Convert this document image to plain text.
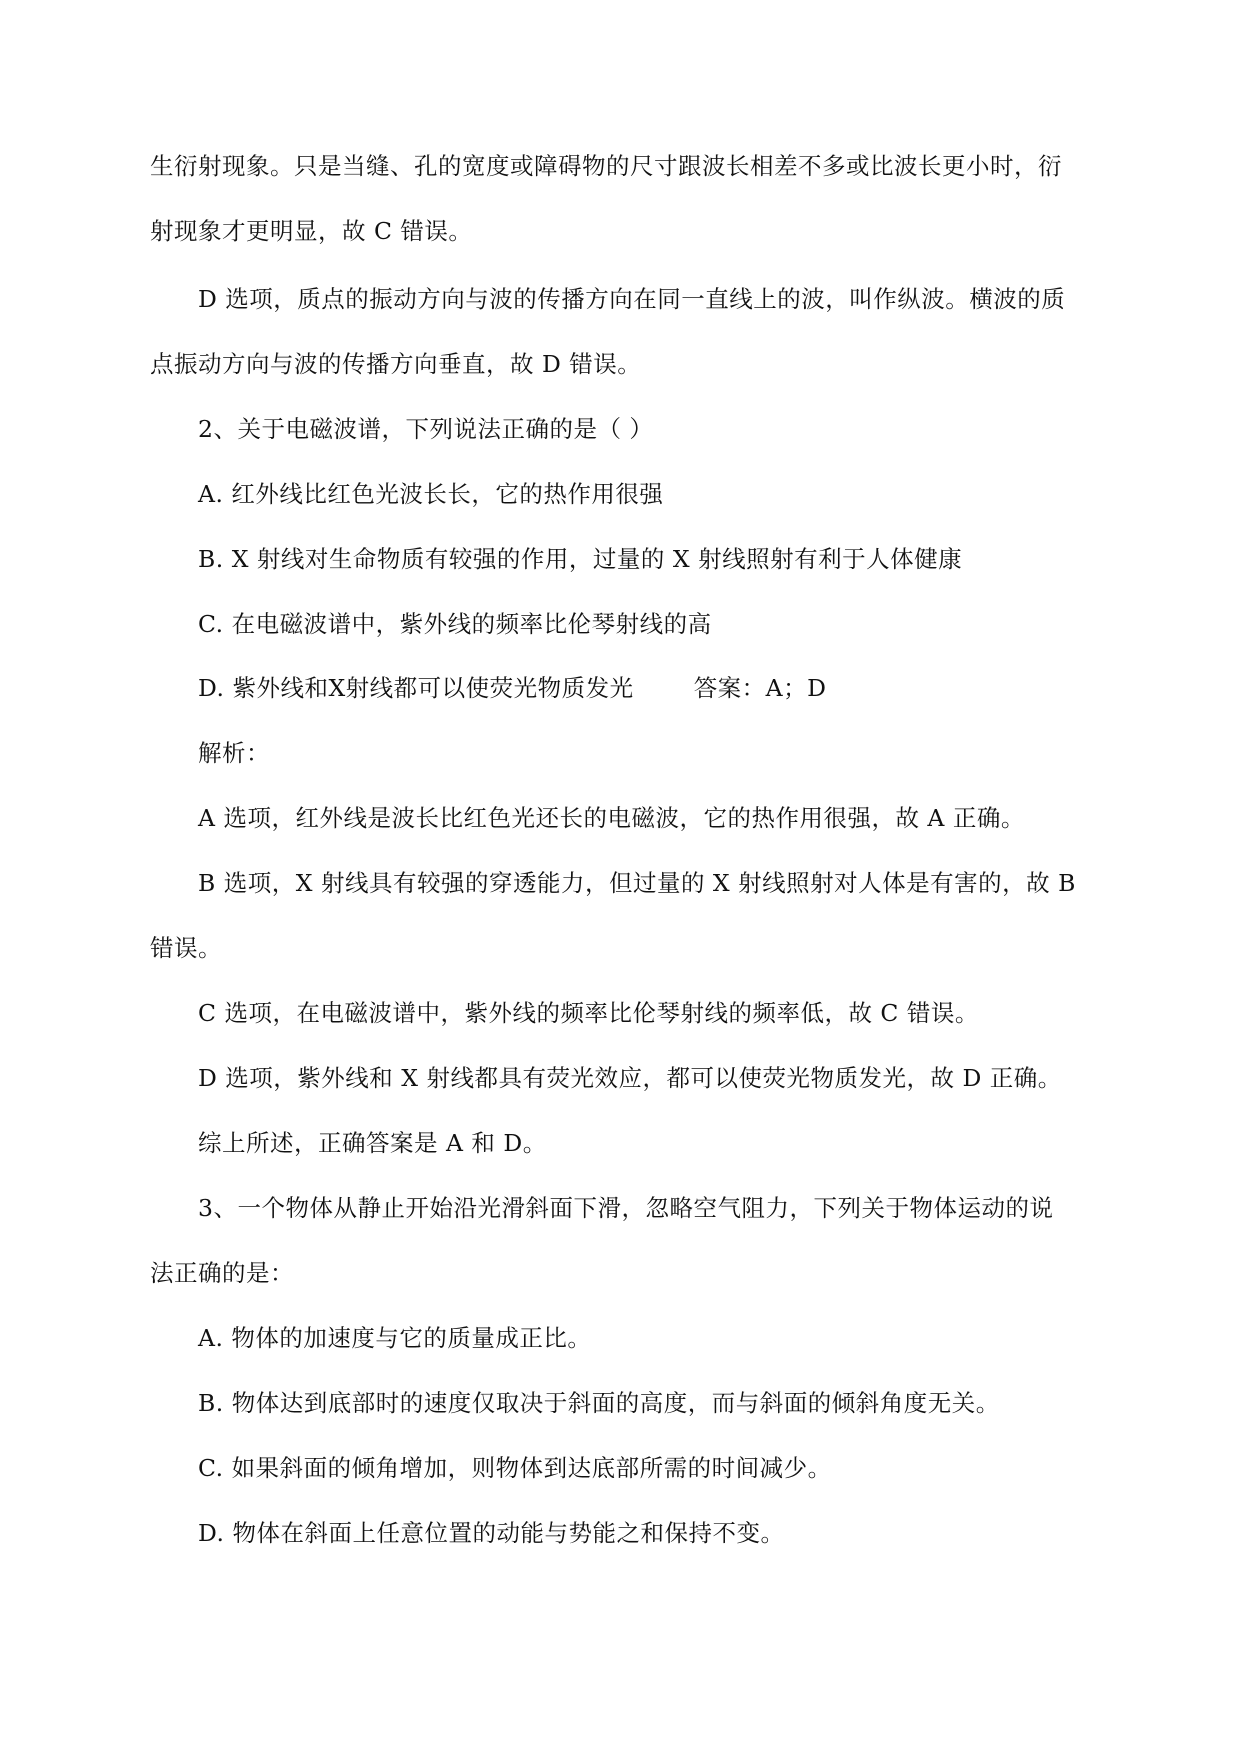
生衍射现象。只是当缝、孔的宽度或障碍物的尺寸跟波长相差不多或比波长更小时，衍
射现象才更明显，故 C 错误。
D 选项，质点的振动方向与波的传播方向在同一直线上的波，叫作纵波。横波的质
点振动方向与波的传播方向垂直，故 D 错误。
2、关于电磁波谱，下列说法正确的是（ ）
A. 红外线比红色光波长长，它的热作用很强
B. X 射线对生命物质有较强的作用，过量的 X 射线照射有利于人体健康
C. 在电磁波谱中，紫外线的频率比伦琴射线的高
D. 紫外线和X射线都可以使荧光物质发光	答案：A；D
解析：
A 选项，红外线是波长比红色光还长的电磁波，它的热作用很强，故 A 正确。
B 选项，X 射线具有较强的穿透能力，但过量的 X 射线照射对人体是有害的，故 B
错误。
C 选项，在电磁波谱中，紫外线的频率比伦琴射线的频率低，故 C 错误。
D 选项，紫外线和 X 射线都具有荧光效应，都可以使荧光物质发光，故 D 正确。
综上所述，正确答案是 A 和 D。
3、一个物体从静止开始沿光滑斜面下滑，忽略空气阻力，下列关于物体运动的说
法正确的是：
A. 物体的加速度与它的质量成正比。
B. 物体达到底部时的速度仅取决于斜面的高度，而与斜面的倾斜角度无关。
C. 如果斜面的倾角增加，则物体到达底部所需的时间减少。
D. 物体在斜面上任意位置的动能与势能之和保持不变。
